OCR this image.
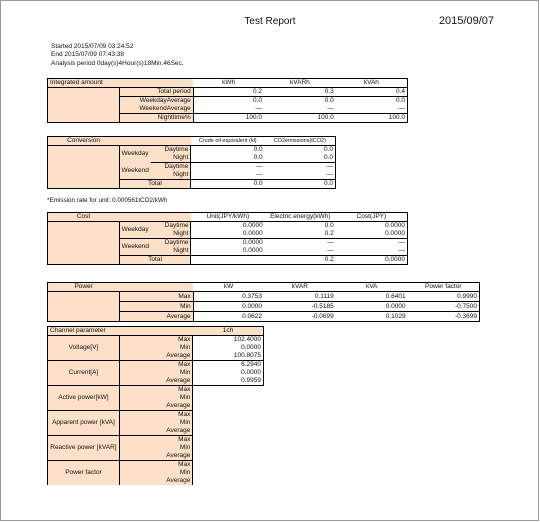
Test Report	2015/09/07
Started 2015/07/09 03:24:52
End 2015/07/09 07:43:38
Analysis period 0day(s)4Hour(s)18Min.46Sec.
Integrated amount		kWh	kVARh	kVAh
	Total period	0.2	0.3	0.4
	WeekdayAverage	0.0	0.0	0.0
	WeekendAverage	—	—	—
	Nighttime%	100.0	100.0	100.0
Conversion			Crude oil equivalent (kl)	CO2emissions(tCO2)
	Weekday	Daytime	0.0	0.0
		Night	0.0	0.0
	Weekend	Daytime	—	—
		Night	—	—
	Total		0.0	0.0
*Emission rate for unit: 0.000561tCO2/kWh
Cost			Unit(JPY/kWh)	Electric energy(kWh)	Cost(JPY)
	Weekday	Daytime	0.0000	0.0	0.0000
		Night	0.0000	0.2	0.0000
	Weekend	Daytime	0.0000	—	—
		Night	0.0000	—	—
	Total			0.2	0.0000
Power		kW	kVAR	kVA	Power factor
	Max	0.3753	0.1119	0.6401	0.9990
	Min	0.0000	-0.5185	0.0000	-0.7500
	Average	0.0622	-0.0699	0.1029	-0.3699
Channel parameter		1ch
Voltage[V]	Max	102.4000
	Min	0.0000
	Average	100.8075
Current[A]	Max	6.2940
	Min	0.0000
	Average	0.9959
Active power[kW]	Max	
	Min	
	Average	
Apparent power [kVA]	Max	
	Min	
	Average	
Reactive power [kVAR]	Max	
	Min	
	Average	
Power factor	Max	
	Min	
	Average	
